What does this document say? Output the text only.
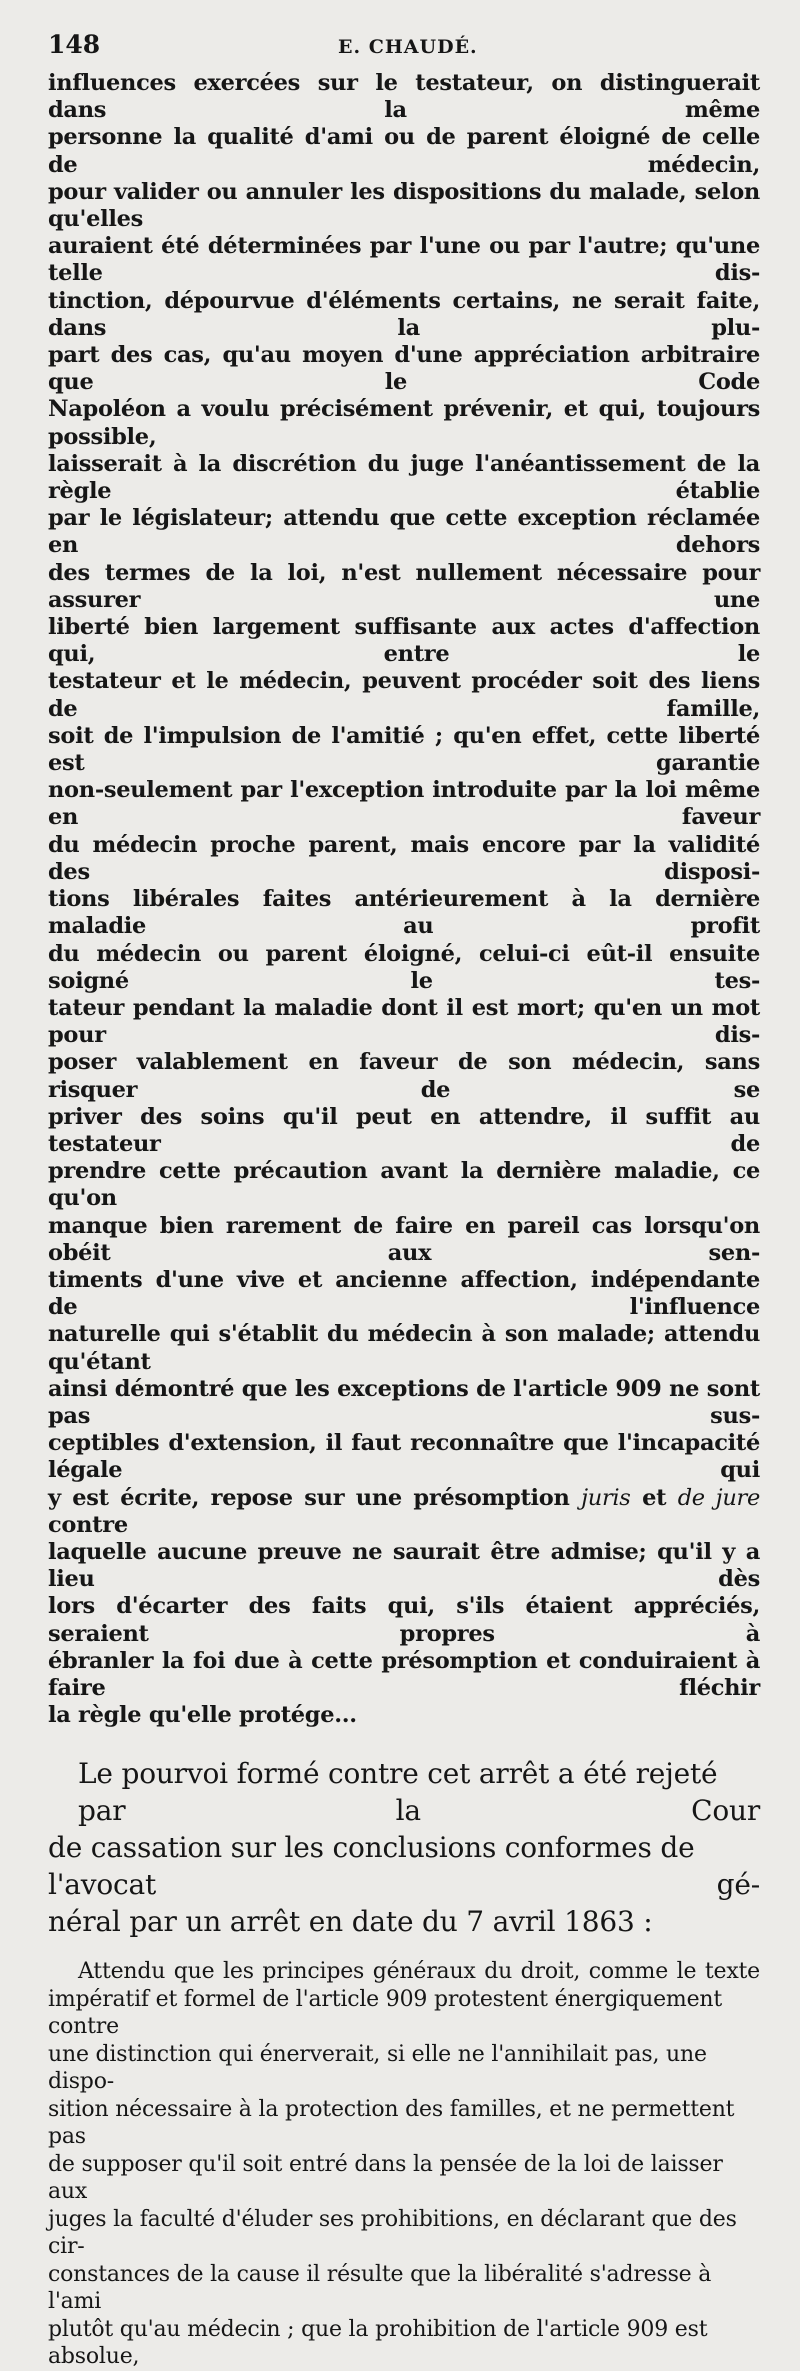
148	E. CHAUDÉ.

influences exercées sur le testateur, on distinguerait dans la même
personne la qualité d'ami ou de parent éloigné de celle de médecin,
pour valider ou annuler les dispositions du malade, selon qu'elles
auraient été déterminées par l'une ou par l'autre; qu'une telle dis-
tinction, dépourvue d'éléments certains, ne serait faite, dans la plu-
part des cas, qu'au moyen d'une appréciation arbitraire que le Code
Napoléon a voulu précisément prévenir, et qui, toujours possible,
laisserait à la discrétion du juge l'anéantissement de la règle établie
par le législateur; attendu que cette exception réclamée en dehors
des termes de la loi, n'est nullement nécessaire pour assurer une
liberté bien largement suffisante aux actes d'affection qui, entre le
testateur et le médecin, peuvent procéder soit des liens de famille,
soit de l'impulsion de l'amitié ; qu'en effet, cette liberté est garantie
non-seulement par l'exception introduite par la loi même en faveur
du médecin proche parent, mais encore par la validité des disposi-
tions libérales faites antérieurement à la dernière maladie au profit
du médecin ou parent éloigné, celui-ci eût-il ensuite soigné le tes-
tateur pendant la maladie dont il est mort; qu'en un mot pour dis-
poser valablement en faveur de son médecin, sans risquer de se
priver des soins qu'il peut en attendre, il suffit au testateur de
prendre cette précaution avant la dernière maladie, ce qu'on
manque bien rarement de faire en pareil cas lorsqu'on obéit aux sen-
timents d'une vive et ancienne affection, indépendante de l'influence
naturelle qui s'établit du médecin à son malade; attendu qu'étant
ainsi démontré que les exceptions de l'article 909 ne sont pas sus-
ceptibles d'extension, il faut reconnaître que l'incapacité légale qui
y est écrite, repose sur une présomption juris et de jure contre
laquelle aucune preuve ne saurait être admise; qu'il y a lieu dès
lors d'écarter des faits qui, s'ils étaient appréciés, seraient propres à
ébranler la foi due à cette présomption et conduiraient à faire fléchir
la règle qu'elle protége...

Le pourvoi formé contre cet arrêt a été rejeté par la Cour
de cassation sur les conclusions conformes de l'avocat gé-
néral par un arrêt en date du 7 avril 1863 :

Attendu que les principes généraux du droit, comme le texte
impératif et formel de l'article 909 protestent énergiquement contre
une distinction qui énerverait, si elle ne l'annihilait pas, une dispo-
sition nécessaire à la protection des familles, et ne permettent pas
de supposer qu'il soit entré dans la pensée de la loi de laisser aux
juges la faculté d'éluder ses prohibitions, en déclarant que des cir-
constances de la cause il résulte que la libéralité s'adresse à l'ami
plutôt qu'au médecin ; que la prohibition de l'article 909 est absolue,
